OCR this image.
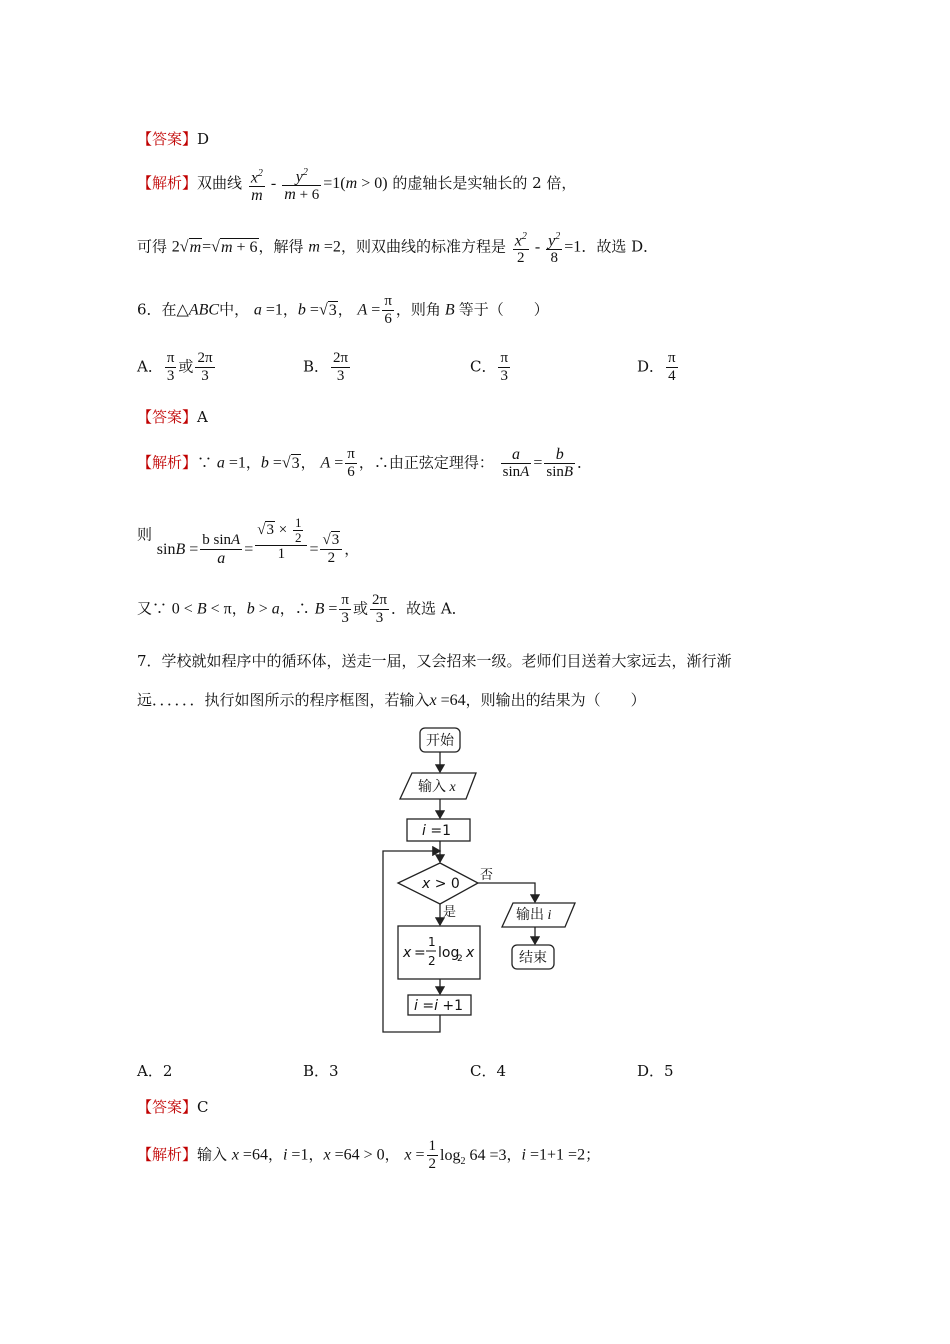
【答案】D
【解析】双曲线 $\frac{x^2}{m} - \frac{y^2}{m + 6} =1(m > 0)$ 的虚轴长是实轴长的 2 倍，
可得 2√m=√m + 6，解得 m =2，则双曲线的标准方程是 $\frac{x^2}{2} - \frac{y^2}{8} =1$．故选 D．
6．在△ABC中， a =1，b =√3， $A = \frac{\pi}{6}$ ，则角 B 等于（　　）
A． $\frac{\pi}{3}$ 或 $\frac{2\pi}{3}$	B． $\frac{2\pi}{3}$	C． $\frac{\pi}{3}$	D． $\frac{\pi}{4}$
【答案】A
【解析】∵ a =1，b =√3， $A = \frac{\pi}{6}$ ，∴由正弦定理得： $\frac{a}{\sin A} = \frac{b}{\sin B}$ ．
则 $\sin B = \frac{\text{b sinA}}{a} = \frac{√3 \times \frac{1}{2}}{1} = \frac{√3}{2}$ ，
又∵ 0 < B < π，b > a，∴ $B = \frac{\pi}{3}$ 或 $\frac{2\pi}{3}$ ．故选 A．
7．学校就如程序中的循环体，送走一届，又会招来一级。老师们目送着大家远去，渐行渐
远．．．．．．执行如图所示的程序框图，若输入x =64，则输出的结果为（　　）
开始
输入 x
i =1
x > 0
否
是	输出 i
结束
x =
1
2 log
2 x
i =i +1
A．2	B．3	C．4	D．5
【答案】C
【解析】输入 x =64，i =1，x =64 > 0， $x = \frac{1}{2} \log_2 64 =3$，i =1+1 =2；
